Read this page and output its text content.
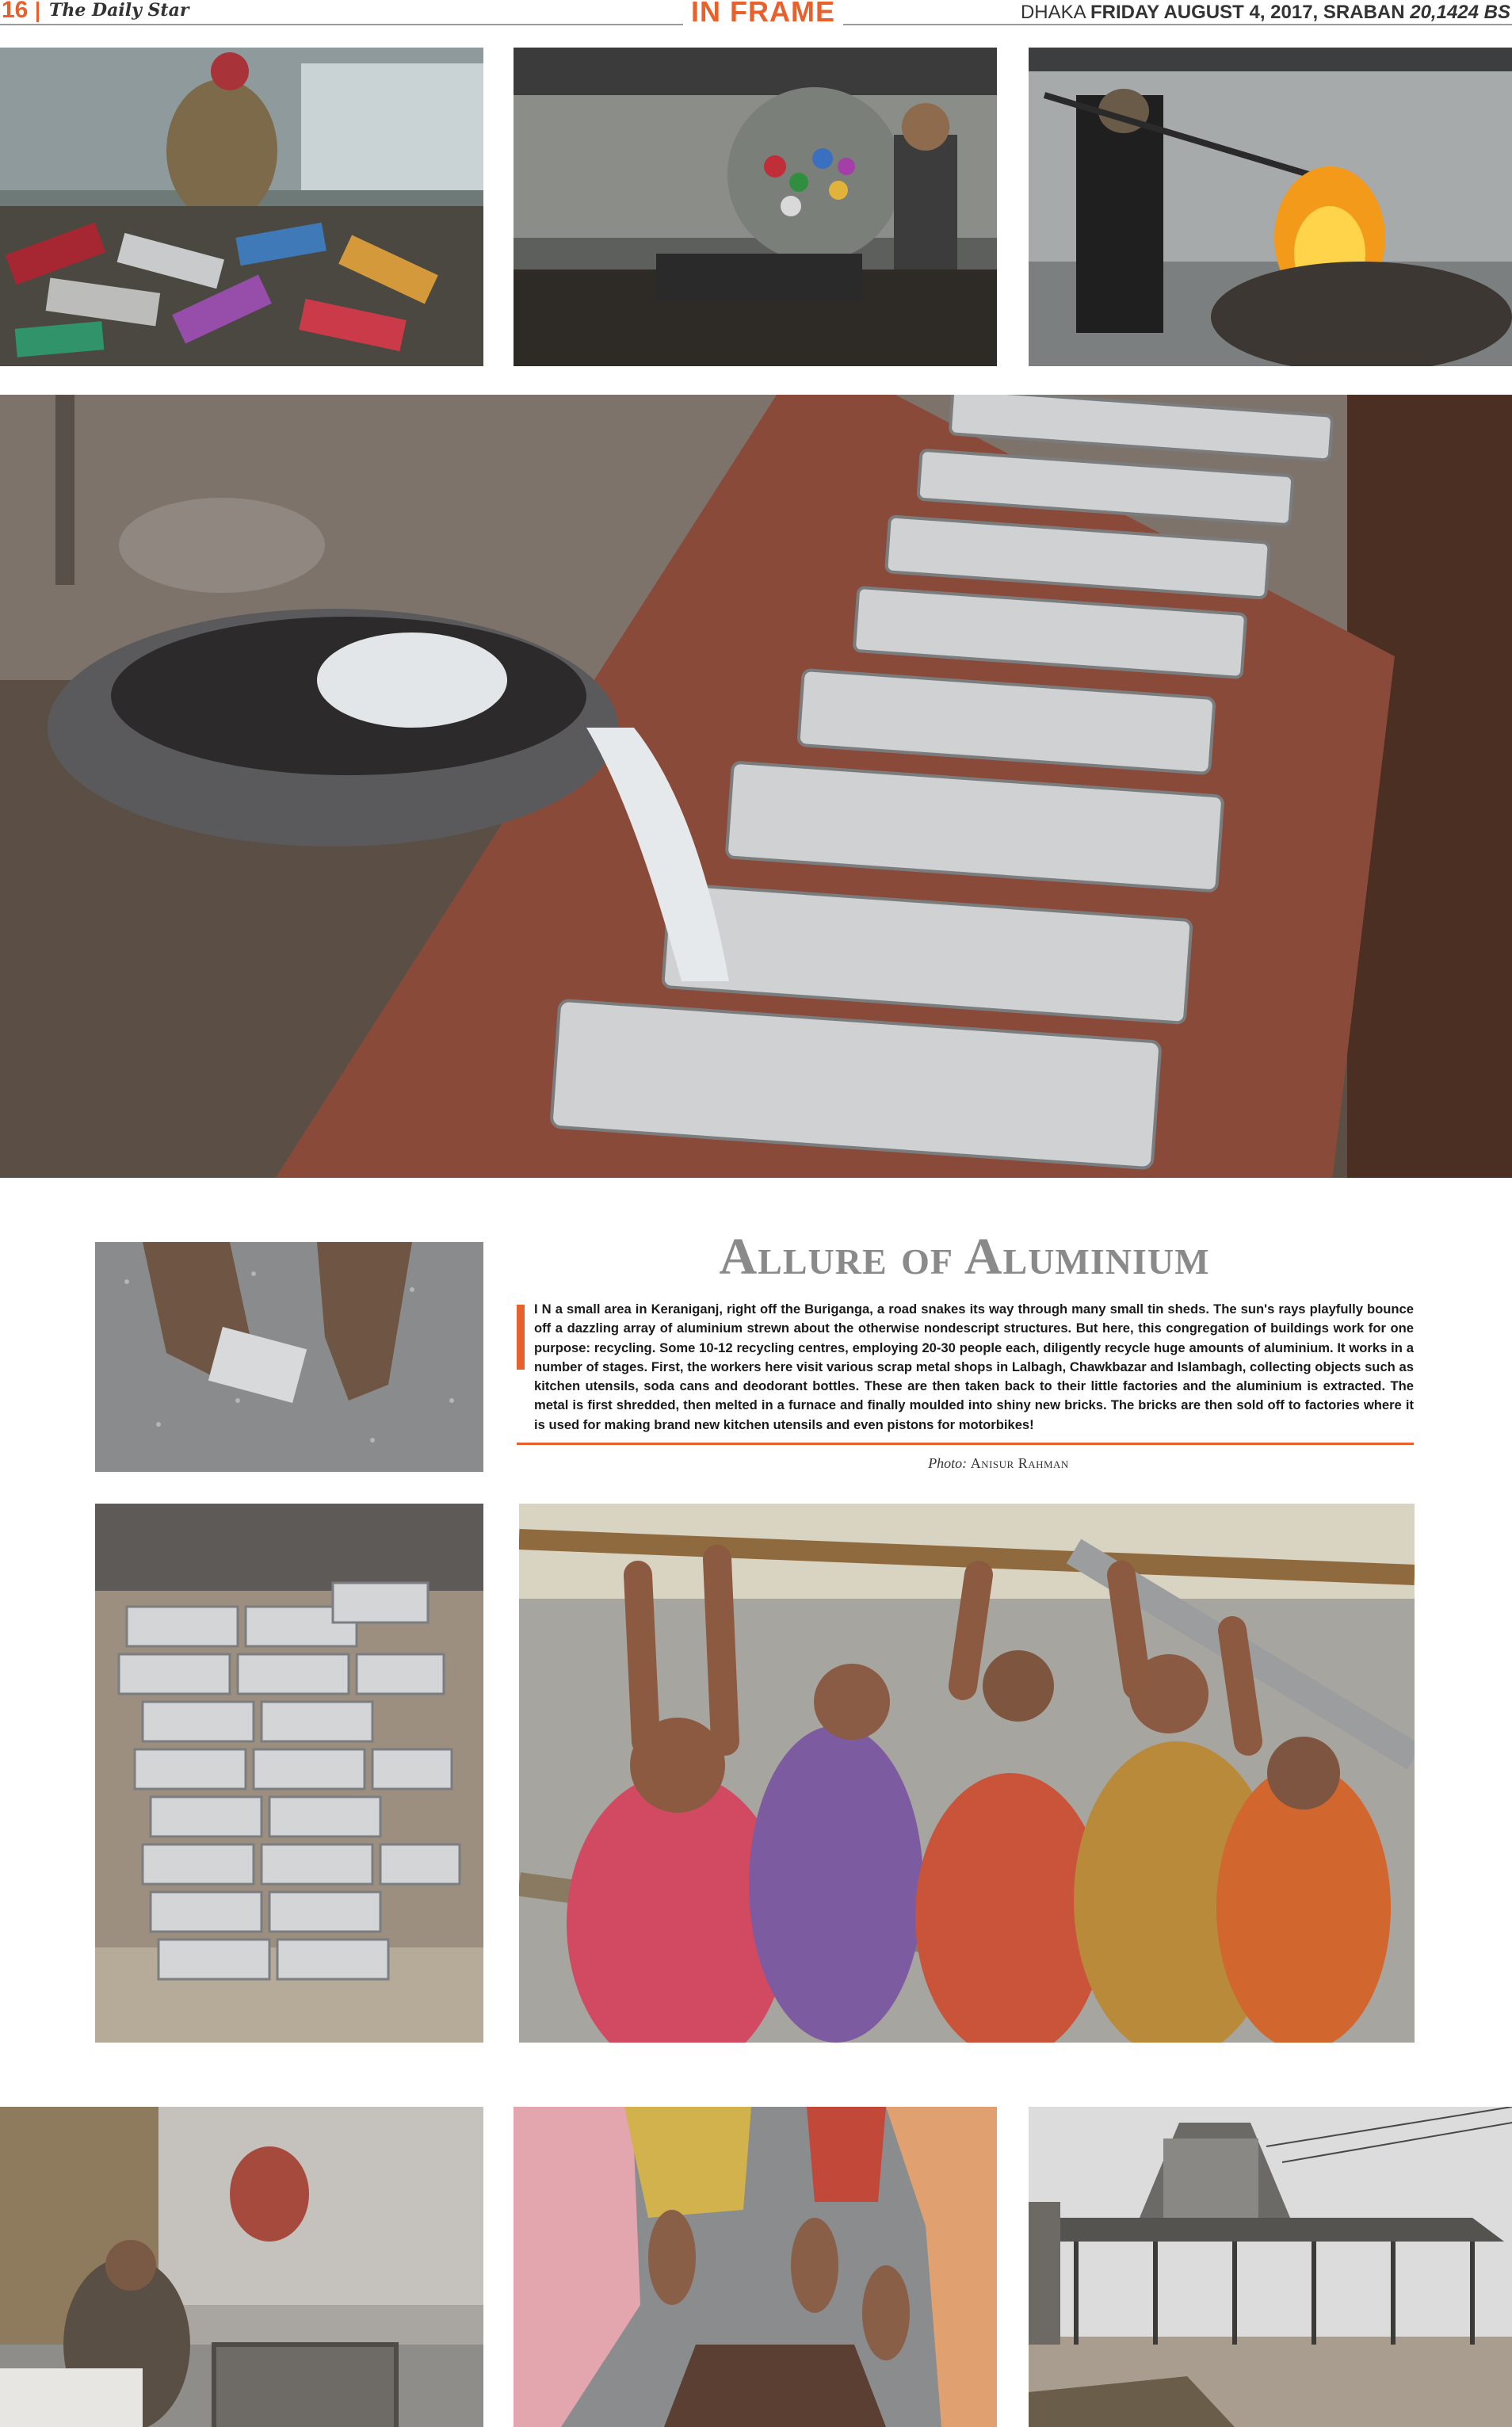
16 The Daily Star	IN FRAME	DHAKA FRIDAY AUGUST 4, 2017, SRABAN 20,1424 BS
Allure of Aluminium
I N a small area in Keraniganj, right off the Buriganga, a road snakes its way through many small tin sheds. The sun's rays playfully bounce off a dazzling array of aluminium strewn about the otherwise nondescript structures. But here, this congregation of buildings work for one purpose: recycling. Some 10-12 recycling centres, employing 20-30 people each, diligently recycle huge amounts of aluminium. It works in a number of stages. First, the workers here visit various scrap metal shops in Lalbagh, Chawkbazar and Islambagh, collecting objects such as kitchen utensils, soda cans and deodorant bottles. These are then taken back to their little factories and the aluminium is extracted. The metal is first shredded, then melted in a furnace and finally moulded into shiny new bricks. The bricks are then sold off to factories where it is used for making brand new kitchen utensils and even pistons for motorbikes!
Photo: Anisur Rahman
